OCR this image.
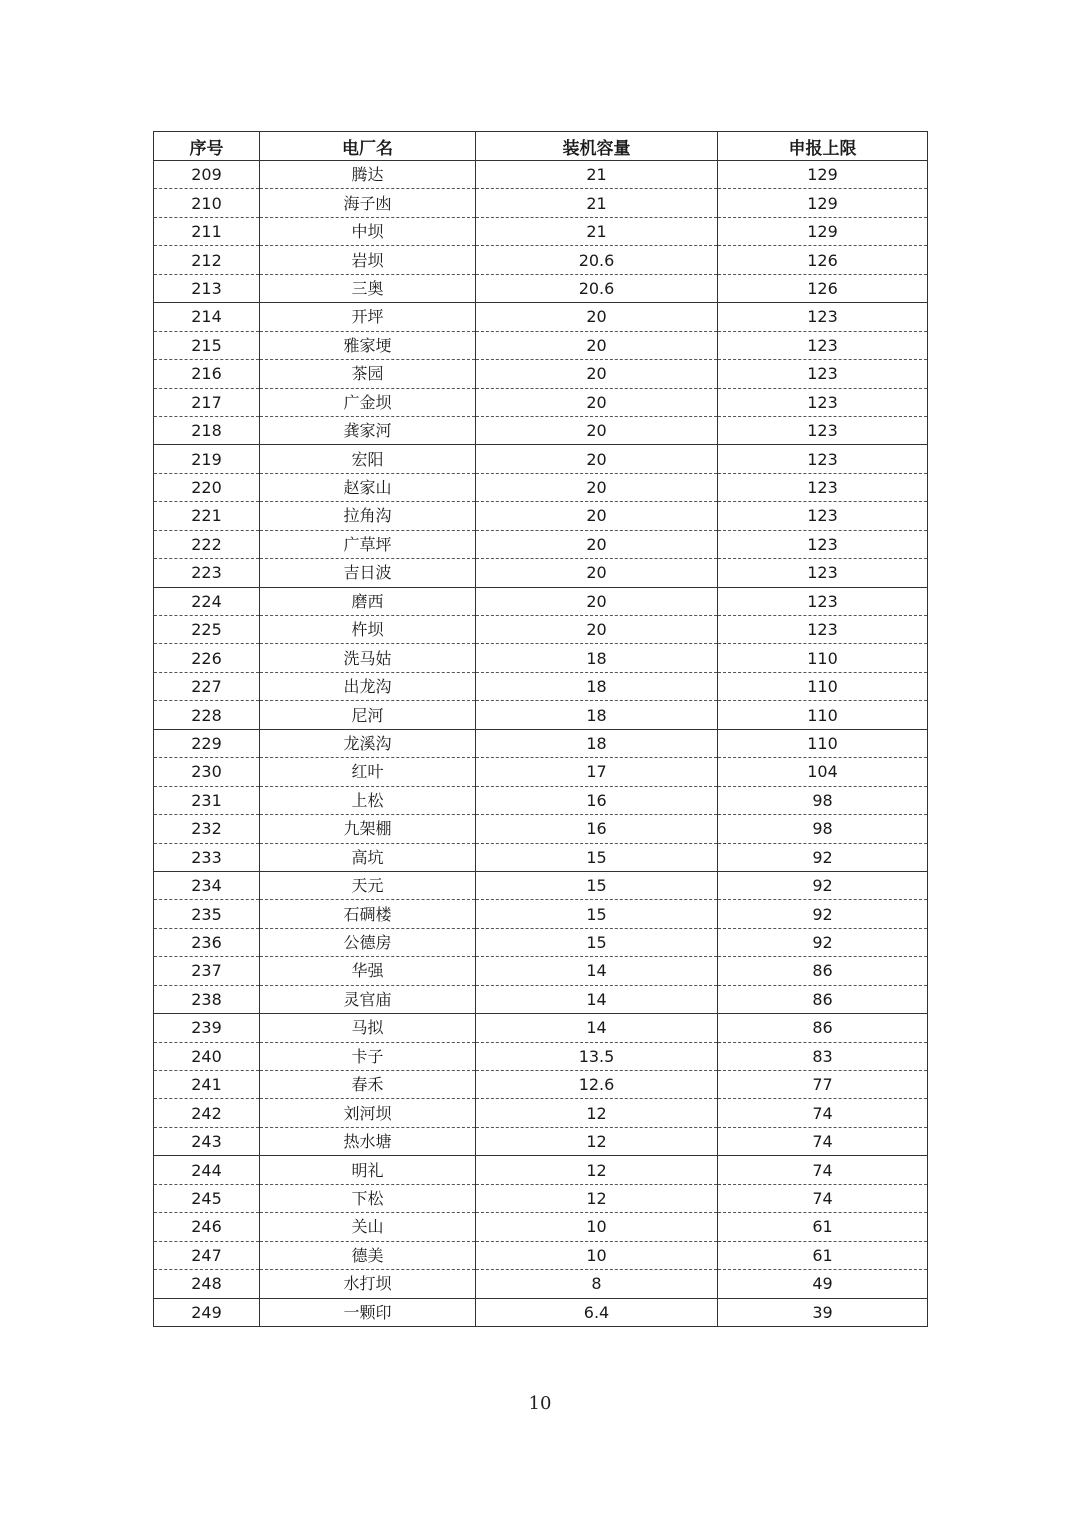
序号	电厂名	装机容量	申报上限
209	腾达	21	129
210	海子凼	21	129
211	中坝	21	129
212	岩坝	20.6	126
213	三奥	20.6	126
214	开坪	20	123
215	雅家埂	20	123
216	茶园	20	123
217	广金坝	20	123
218	龚家河	20	123
219	宏阳	20	123
220	赵家山	20	123
221	拉角沟	20	123
222	广草坪	20	123
223	吉日波	20	123
224	磨西	20	123
225	杵坝	20	123
226	洗马姑	18	110
227	出龙沟	18	110
228	尼河	18	110
229	龙溪沟	18	110
230	红叶	17	104
231	上松	16	98
232	九架棚	16	98
233	高坑	15	92
234	天元	15	92
235	石碉楼	15	92
236	公德房	15	92
237	华强	14	86
238	灵官庙	14	86
239	马拟	14	86
240	卡子	13.5	83
241	春禾	12.6	77
242	刘河坝	12	74
243	热水塘	12	74
244	明礼	12	74
245	下松	12	74
246	关山	10	61
247	德美	10	61
248	水打坝	8	49
249	一颗印	6.4	39
10
